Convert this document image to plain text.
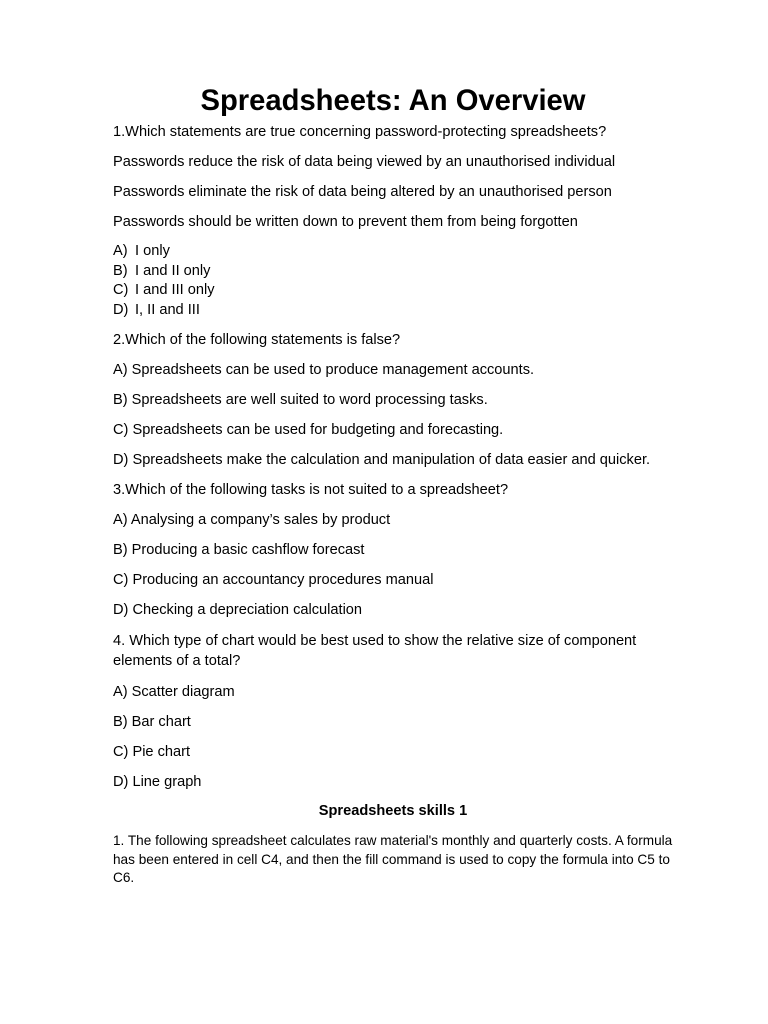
Spreadsheets: An Overview

1.Which statements are true concerning password-protecting spreadsheets?

Passwords reduce the risk of data being viewed by an unauthorised individual

Passwords eliminate the risk of data being altered by an unauthorised person

Passwords should be written down to prevent them from being forgotten

A) I only
B) I and II only
C) I and III only
D) I, II and III

2.Which of the following statements is false?

A) Spreadsheets can be used to produce management accounts.

B) Spreadsheets are well suited to word processing tasks.

C) Spreadsheets can be used for budgeting and forecasting.

D) Spreadsheets make the calculation and manipulation of data easier and quicker.

3.Which of the following tasks is not suited to a spreadsheet?

A) Analysing a company’s sales by product

B) Producing a basic cashflow forecast

C) Producing an accountancy procedures manual

D) Checking a depreciation calculation

4. Which type of chart would be best used to show the relative size of component elements of a total?

A) Scatter diagram

B) Bar chart

C) Pie chart

D) Line graph

Spreadsheets skills 1

1. The following spreadsheet calculates raw material's monthly and quarterly costs. A formula has been entered in cell C4, and then the fill command is used to copy the formula into C5 to C6.
